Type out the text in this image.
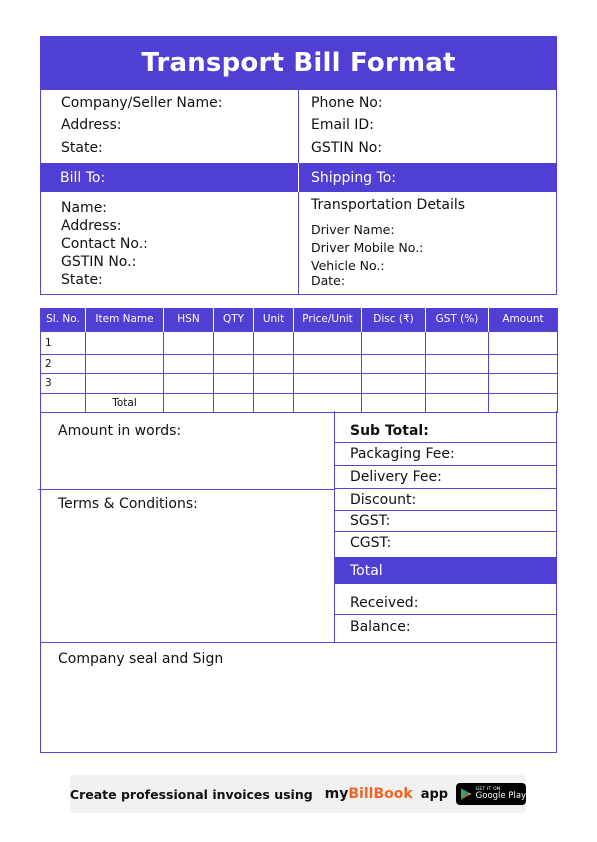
Transport Bill Format
Company/Seller Name:
Address:
State:
Phone No:
Email ID:
GSTIN No:
Bill To:	Shipping To:
Name:
Address:
Contact No.:
GSTIN No.:
State:
Transportation Details
Driver Name:
Driver Mobile No.:
Vehicle No.:
Date:
Sl. No.	Item Name	HSN	QTY	Unit	Price/Unit	Disc (₹)	GST (%)	Amount
1								
2								
3								
	Total							
Amount in words:
Terms & Conditions:
Sub Total:
Packaging Fee:
Delivery Fee:
Discount:
SGST:
CGST:
Total
Received:
Balance:
Company seal and Sign
Create professional invoices using my BillBook app	GET IT ON
Google Play
